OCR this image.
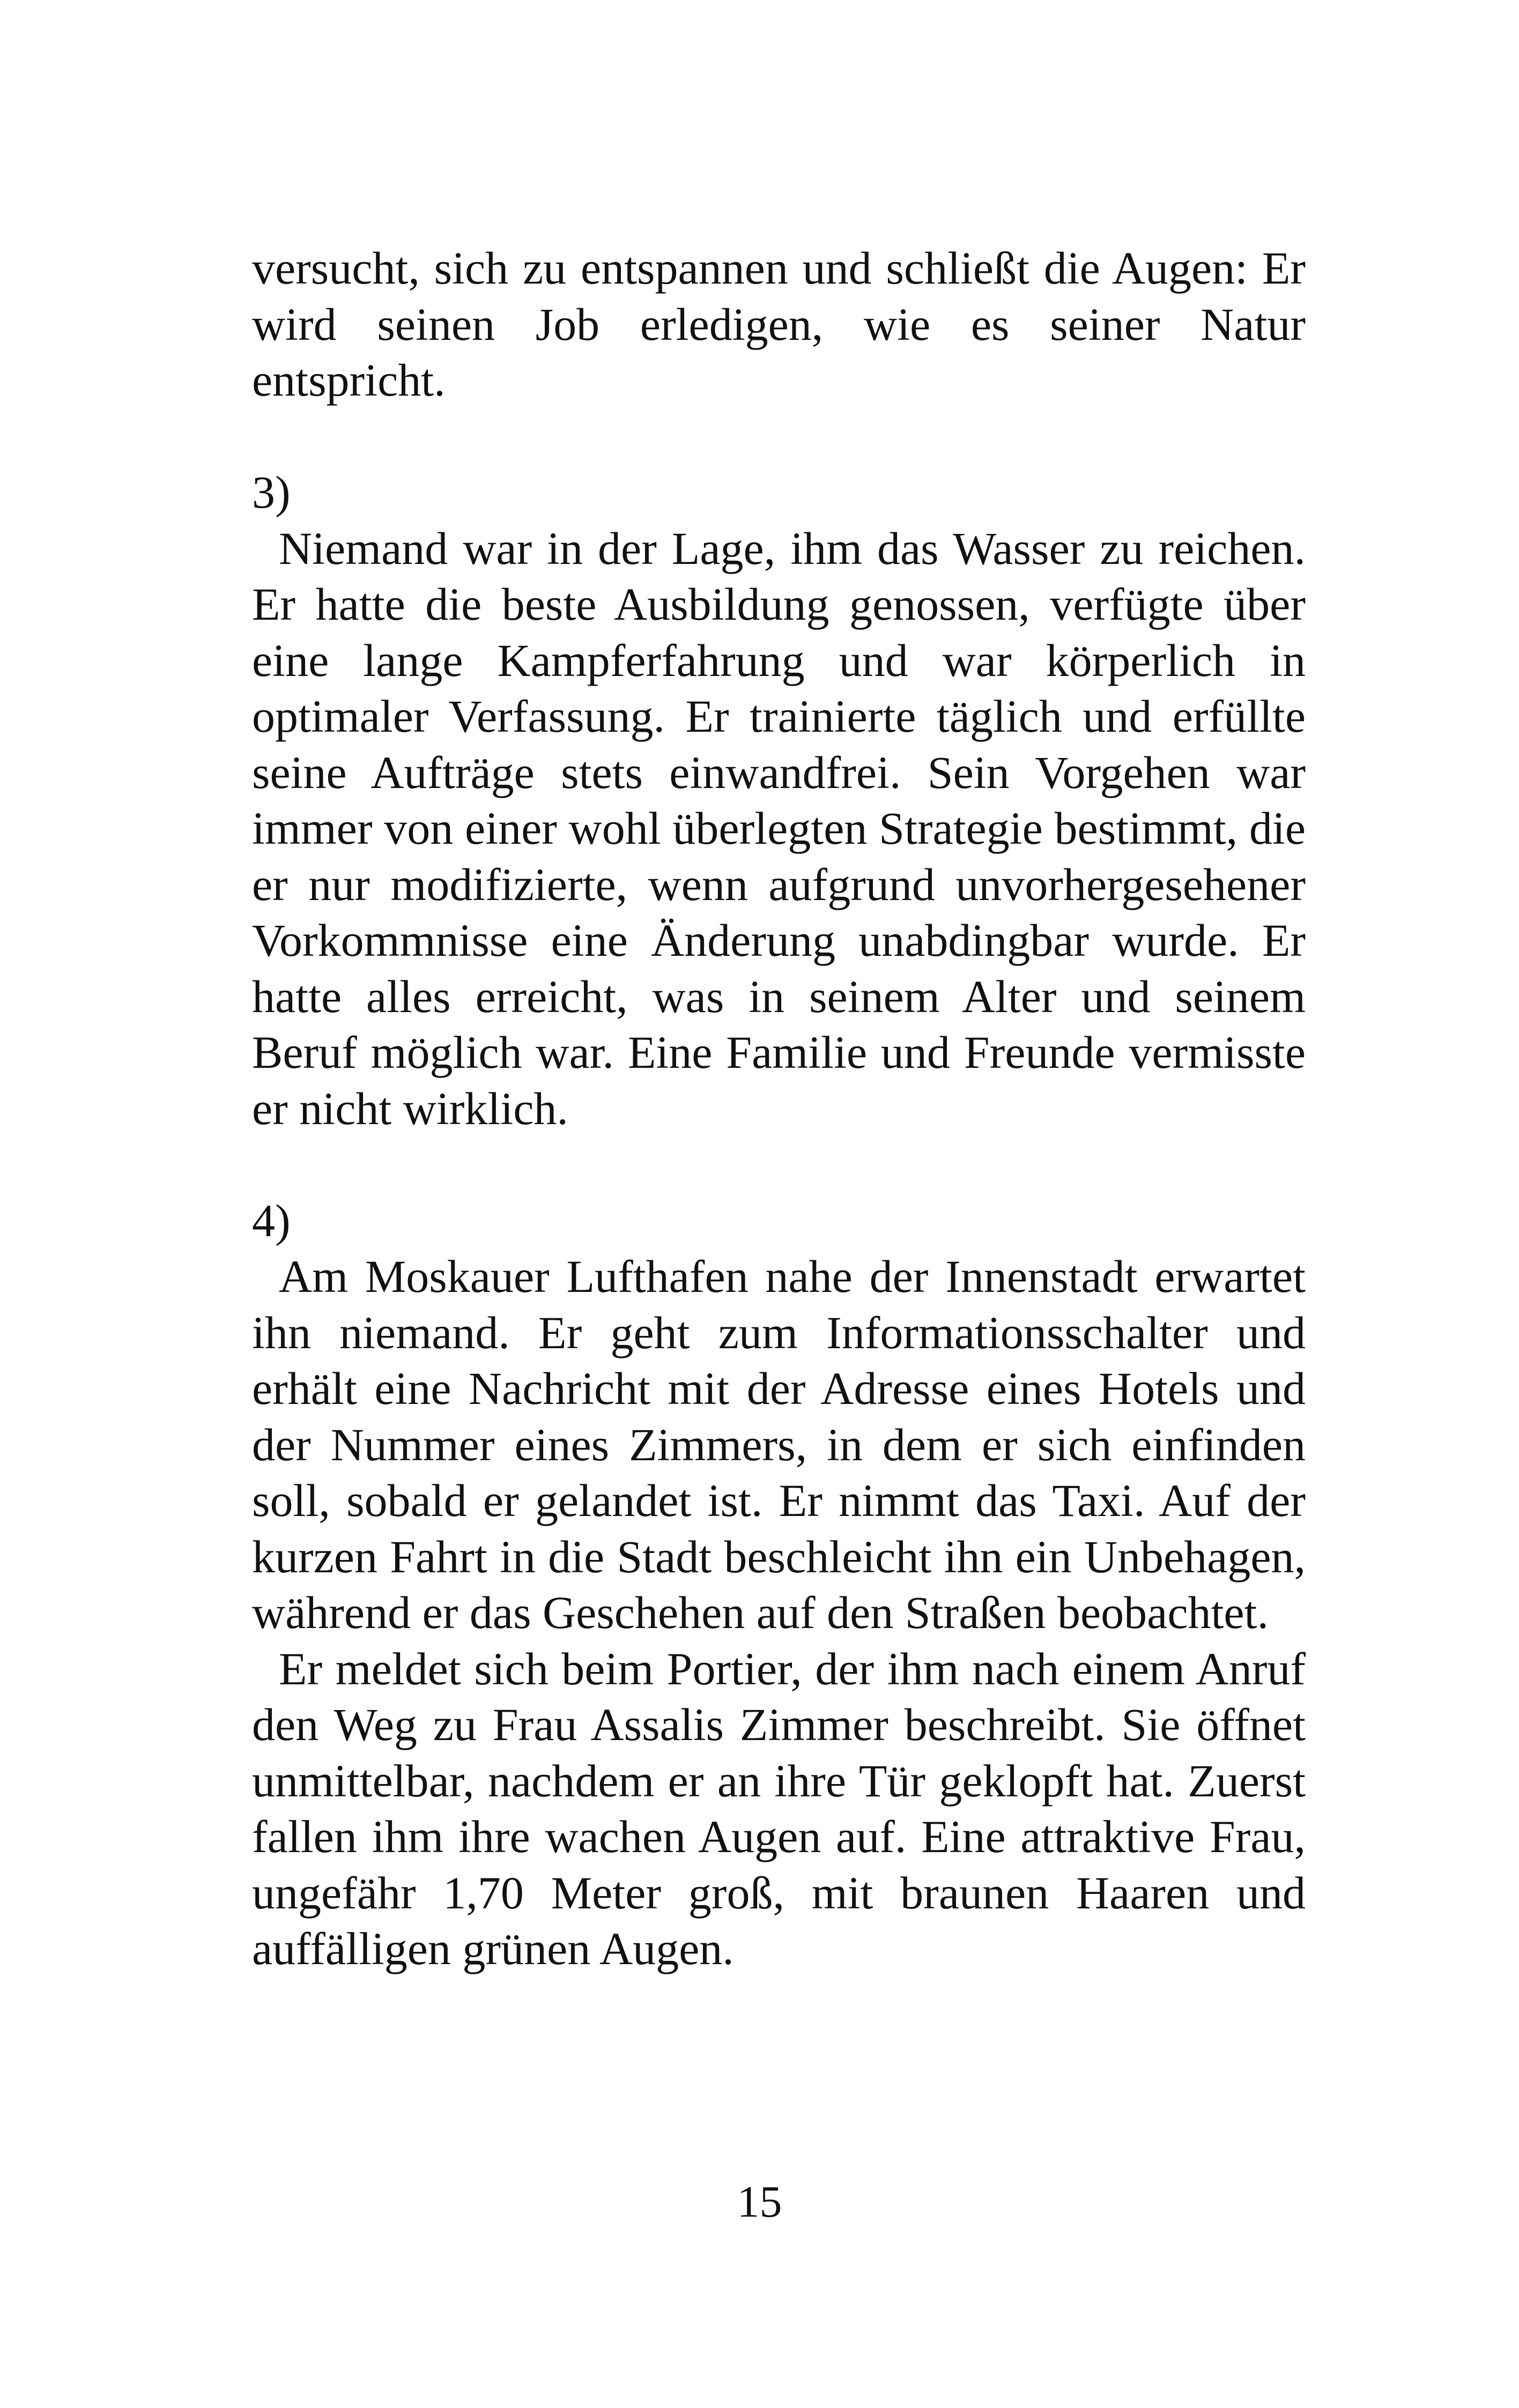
versucht, sich zu entspannen und schließt die Augen: Er wird seinen Job erledigen, wie es seiner Natur entspricht.

3)

Niemand war in der Lage, ihm das Wasser zu reichen. Er hatte die beste Ausbildung genossen, verfügte über eine lange Kampferfahrung und war körperlich in optimaler Verfassung. Er trainierte täglich und erfüllte seine Aufträge stets einwandfrei. Sein Vorgehen war immer von einer wohl überlegten Strategie bestimmt, die er nur modifizierte, wenn aufgrund unvorhergesehener Vorkommnisse eine Änderung unabdingbar wurde. Er hatte alles erreicht, was in seinem Alter und seinem Beruf möglich war. Eine Familie und Freunde vermisste er nicht wirklich.

4)

Am Moskauer Lufthafen nahe der Innenstadt erwartet ihn niemand. Er geht zum Informationsschalter und erhält eine Nachricht mit der Adresse eines Hotels und der Nummer eines Zimmers, in dem er sich einfinden soll, sobald er gelandet ist. Er nimmt das Taxi. Auf der kurzen Fahrt in die Stadt beschleicht ihn ein Unbehagen, während er das Geschehen auf den Straßen beobachtet.

Er meldet sich beim Portier, der ihm nach einem Anruf den Weg zu Frau Assalis Zimmer beschreibt. Sie öffnet unmittelbar, nachdem er an ihre Tür geklopft hat. Zuerst fallen ihm ihre wachen Augen auf. Eine attraktive Frau, ungefähr 1,70 Meter groß, mit braunen Haaren und auffälligen grünen Augen.

15
